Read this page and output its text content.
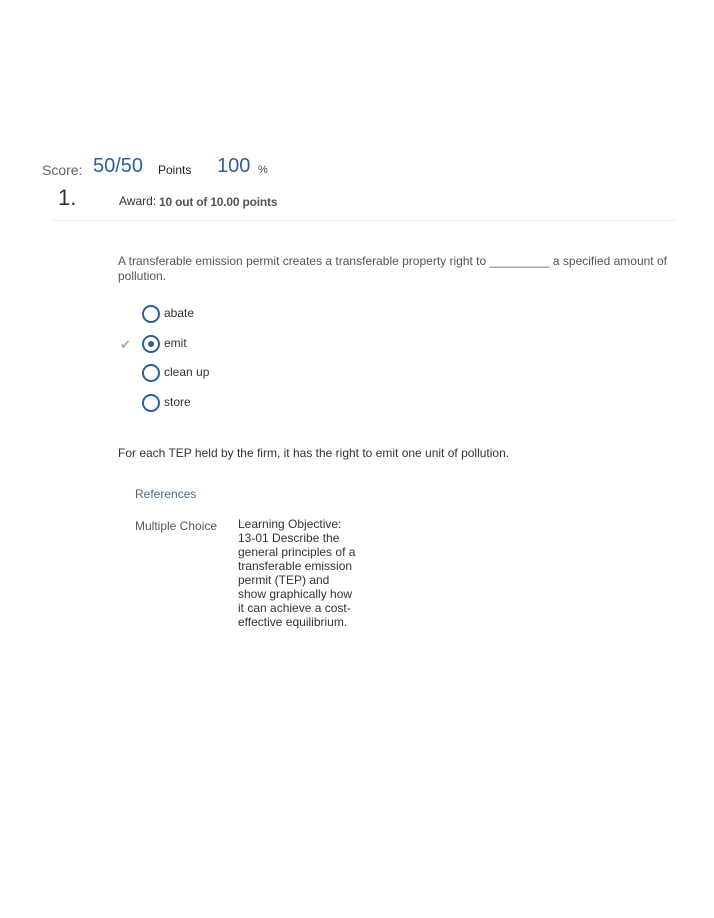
Score: 50/50 Points 100 %
1.	Award: 10 out of 10.00 points
A transferable emission permit creates a transferable property right to _________ a specified amount of pollution.
abate
✔	emit
clean up
store
For each TEP held by the firm, it has the right to emit one unit of pollution.
References
Multiple Choice Learning Objective: 13-01 Describe the general principles of a transferable emission permit (TEP) and show graphically how it can achieve a cost-effective equilibrium.
